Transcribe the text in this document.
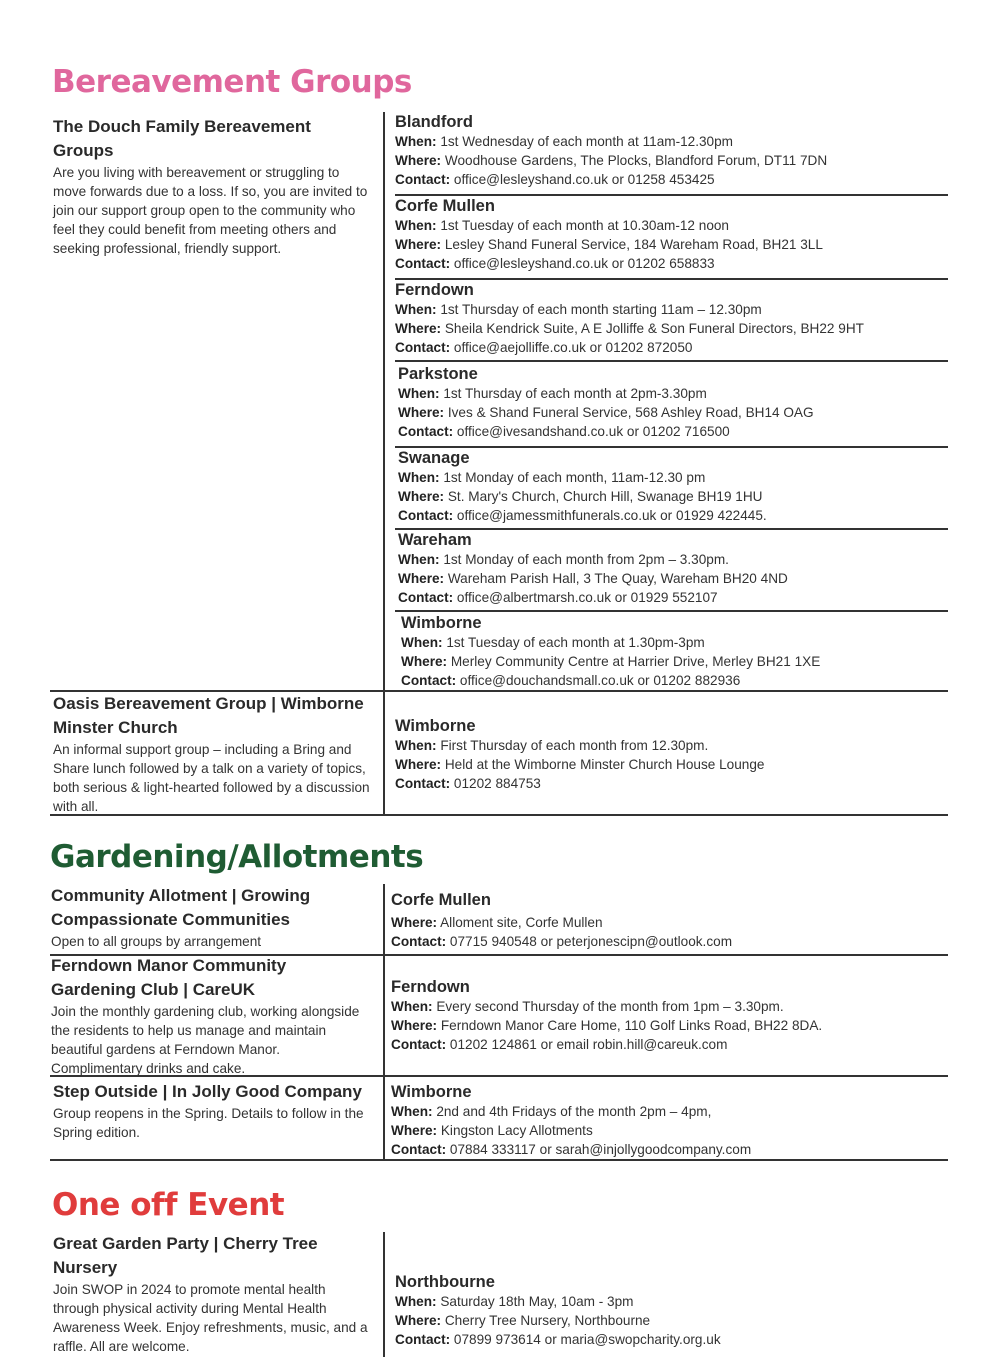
Bereavement Groups
The Douch Family Bereavement Groups
Are you living with bereavement or struggling to move forwards due to a loss. If so, you are invited to join our support group open to the community who feel they could benefit from meeting others and seeking professional, friendly support.
Blandford
When: 1st Wednesday of each month at 11am-12.30pm
Where: Woodhouse Gardens, The Plocks, Blandford Forum, DT11 7DN
Contact: office@lesleyshand.co.uk or 01258 453425
Corfe Mullen
When: 1st Tuesday of each month at 10.30am-12 noon
Where: Lesley Shand Funeral Service, 184 Wareham Road, BH21 3LL
Contact: office@lesleyshand.co.uk or 01202 658833
Ferndown
When: 1st Thursday of each month starting 11am – 12.30pm
Where: Sheila Kendrick Suite, A E Jolliffe & Son Funeral Directors, BH22 9HT
Contact: office@aejolliffe.co.uk or 01202 872050
Parkstone
When: 1st Thursday of each month at 2pm-3.30pm
Where: Ives & Shand Funeral Service, 568 Ashley Road, BH14 OAG
Contact: office@ivesandshand.co.uk or 01202 716500
Swanage
When: 1st Monday of each month, 11am-12.30 pm
Where: St. Mary's Church, Church Hill, Swanage BH19 1HU
Contact: office@jamessmithfunerals.co.uk or 01929 422445.
Wareham
When: 1st Monday of each month from 2pm – 3.30pm.
Where: Wareham Parish Hall, 3 The Quay, Wareham BH20 4ND
Contact: office@albertmarsh.co.uk or 01929 552107
Wimborne
When: 1st Tuesday of each month at 1.30pm-3pm
Where: Merley Community Centre at Harrier Drive, Merley BH21 1XE
Contact: office@douchandsmall.co.uk or 01202 882936
Oasis Bereavement Group | Wimborne Minster Church
An informal support group – including a Bring and Share lunch followed by a talk on a variety of topics, both serious & light-hearted followed by a discussion with all.
Wimborne
When: First Thursday of each month from 12.30pm.
Where: Held at the Wimborne Minster Church House Lounge
Contact: 01202 884753
Gardening/Allotments
Community Allotment | Growing Compassionate Communities
Open to all groups by arrangement
Corfe Mullen
Where: Alloment site, Corfe Mullen
Contact: 07715 940548 or peterjonescipn@outlook.com
Ferndown Manor Community Gardening Club | CareUK
Join the monthly gardening club, working alongside the residents to help us manage and maintain beautiful gardens at Ferndown Manor. Complimentary drinks and cake.
Ferndown
When: Every second Thursday of the month from 1pm – 3.30pm.
Where: Ferndown Manor Care Home, 110 Golf Links Road, BH22 8DA.
Contact: 01202 124861 or email robin.hill@careuk.com
Step Outside | In Jolly Good Company
Group reopens in the Spring. Details to follow in the Spring edition.
Wimborne
When: 2nd and 4th Fridays of the month 2pm – 4pm,
Where: Kingston Lacy Allotments
Contact: 07884 333117 or sarah@injollygoodcompany.com
One off Event
Great Garden Party | Cherry Tree Nursery
Join SWOP in 2024 to promote mental health through physical activity during Mental Health Awareness Week. Enjoy refreshments, music, and a raffle. All are welcome.
Northbourne
When: Saturday 18th May, 10am - 3pm
Where: Cherry Tree Nursery, Northbourne
Contact: 07899 973614 or maria@swopcharity.org.uk
